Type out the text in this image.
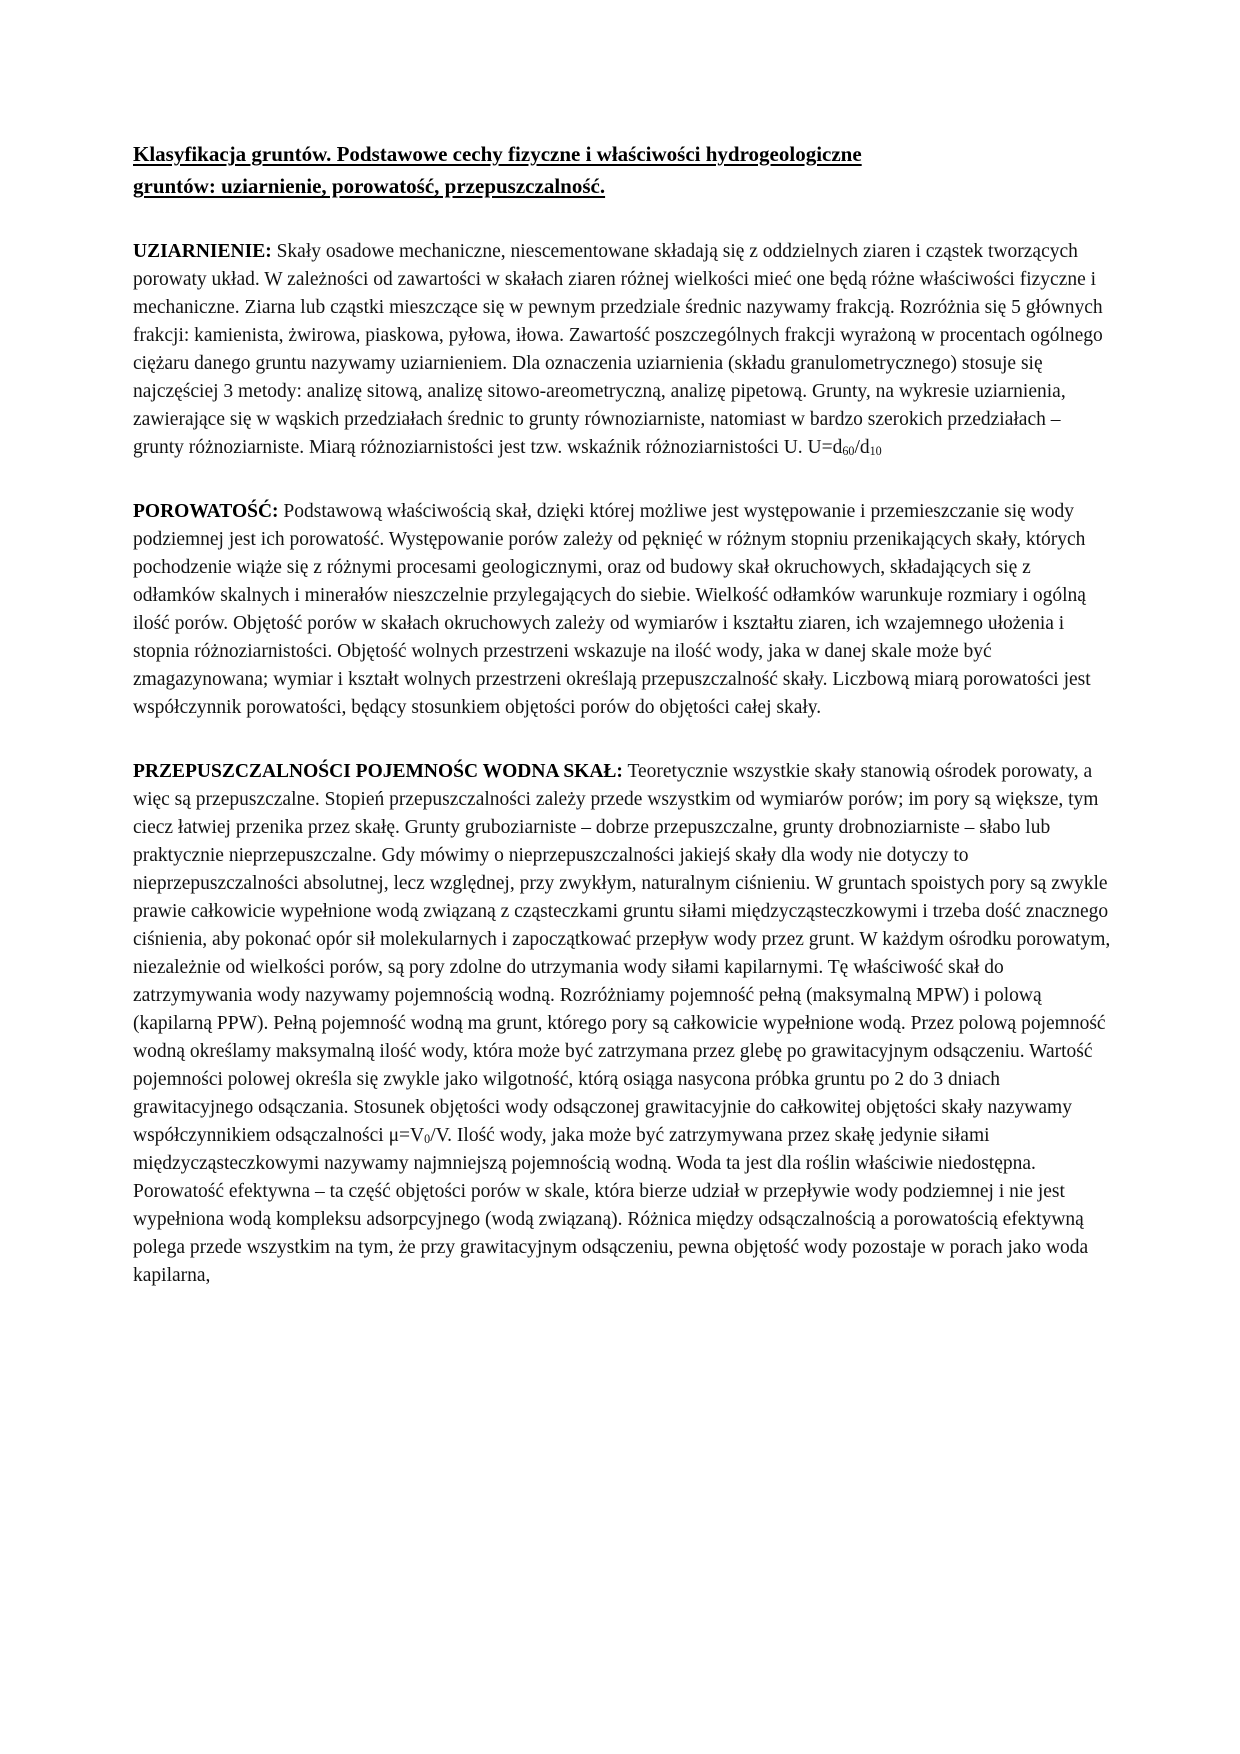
Klasyfikacja gruntów. Podstawowe cechy fizyczne i właściwości hydrogeologiczne
gruntów: uziarnienie, porowatość, przepuszczalność.

UZIARNIENIE: Skały osadowe mechaniczne, niescementowane składają się z oddzielnych ziaren i cząstek tworzących porowaty układ. W zależności od zawartości w skałach ziaren różnej wielkości mieć one będą różne właściwości fizyczne i mechaniczne. Ziarna lub cząstki mieszczące się w pewnym przedziale średnic nazywamy frakcją. Rozróżnia się 5 głównych frakcji: kamienista, żwirowa, piaskowa, pyłowa, iłowa. Zawartość poszczególnych frakcji wyrażoną w procentach ogólnego ciężaru danego gruntu nazywamy uziarnieniem. Dla oznaczenia uziarnienia (składu granulometrycznego) stosuje się najczęściej 3 metody: analizę sitową, analizę sitowo-areometryczną, analizę pipetową. Grunty, na wykresie uziarnienia, zawierające się w wąskich przedziałach średnic to grunty równoziarniste, natomiast w bardzo szerokich przedziałach – grunty różnoziarniste. Miarą różnoziarnistości jest tzw. wskaźnik różnoziarnistości U. $U=d_{60}/d_{10}$

POROWATOŚĆ: Podstawową właściwością skał, dzięki której możliwe jest występowanie i przemieszczanie się wody podziemnej jest ich porowatość. Występowanie porów zależy od pęknięć w różnym stopniu przenikających skały, których pochodzenie wiąże się z różnymi procesami geologicznymi, oraz od budowy skał okruchowych, składających się z odłamków skalnych i minerałów nieszczelnie przylegających do siebie. Wielkość odłamków warunkuje rozmiary i ogólną ilość porów. Objętość porów w skałach okruchowych zależy od wymiarów i kształtu ziaren, ich wzajemnego ułożenia i stopnia różnoziarnistości. Objętość wolnych przestrzeni wskazuje na ilość wody, jaka w danej skale może być zmagazynowana; wymiar i kształt wolnych przestrzeni określają przepuszczalność skały. Liczbową miarą porowatości jest współczynnik porowatości, będący stosunkiem objętości porów do objętości całej skały.

PRZEPUSZCZALNOŚCI POJEMNOŚC WODNA SKAŁ: Teoretycznie wszystkie skały stanowią ośrodek porowaty, a więc są przepuszczalne. Stopień przepuszczalności zależy przede wszystkim od wymiarów porów; im pory są większe, tym ciecz łatwiej przenika przez skałę. Grunty gruboziarniste – dobrze przepuszczalne, grunty drobnoziarniste – słabo lub praktycznie nieprzepuszczalne. Gdy mówimy o nieprzepuszczalności jakiejś skały dla wody nie dotyczy to nieprzepuszczalności absolutnej, lecz względnej, przy zwykłym, naturalnym ciśnieniu. W gruntach spoistych pory są zwykle prawie całkowicie wypełnione wodą związaną z cząsteczkami gruntu siłami międzycząsteczkowymi i trzeba dość znacznego ciśnienia, aby pokonać opór sił molekularnych i zapoczątkować przepływ wody przez grunt. W każdym ośrodku porowatym, niezależnie od wielkości porów, są pory zdolne do utrzymania wody siłami kapilarnymi. Tę właściwość skał do zatrzymywania wody nazywamy pojemnością wodną. Rozróżniamy pojemność pełną (maksymalną MPW) i polową (kapilarną PPW). Pełną pojemność wodną ma grunt, którego pory są całkowicie wypełnione wodą. Przez polową pojemność wodną określamy maksymalną ilość wody, która może być zatrzymana przez glebę po grawitacyjnym odsączeniu. Wartość pojemności polowej określa się zwykle jako wilgotność, którą osiąga nasycona próbka gruntu po 2 do 3 dniach grawitacyjnego odsączania. Stosunek objętości wody odsączonej grawitacyjnie do całkowitej objętości skały nazywamy współczynnikiem odsączalności $\mu=V_0/V$. Ilość wody, jaka może być zatrzymywana przez skałę jedynie siłami międzycząsteczkowymi nazywamy najmniejszą pojemnością wodną. Woda ta jest dla roślin właściwie niedostępna. Porowatość efektywna – ta część objętości porów w skale, która bierze udział w przepływie wody podziemnej i nie jest wypełniona wodą kompleksu adsorpcyjnego (wodą związaną). Różnica między odsączalnością a porowatością efektywną polega przede wszystkim na tym, że przy grawitacyjnym odsączeniu, pewna objętość wody pozostaje w porach jako woda kapilarna,
